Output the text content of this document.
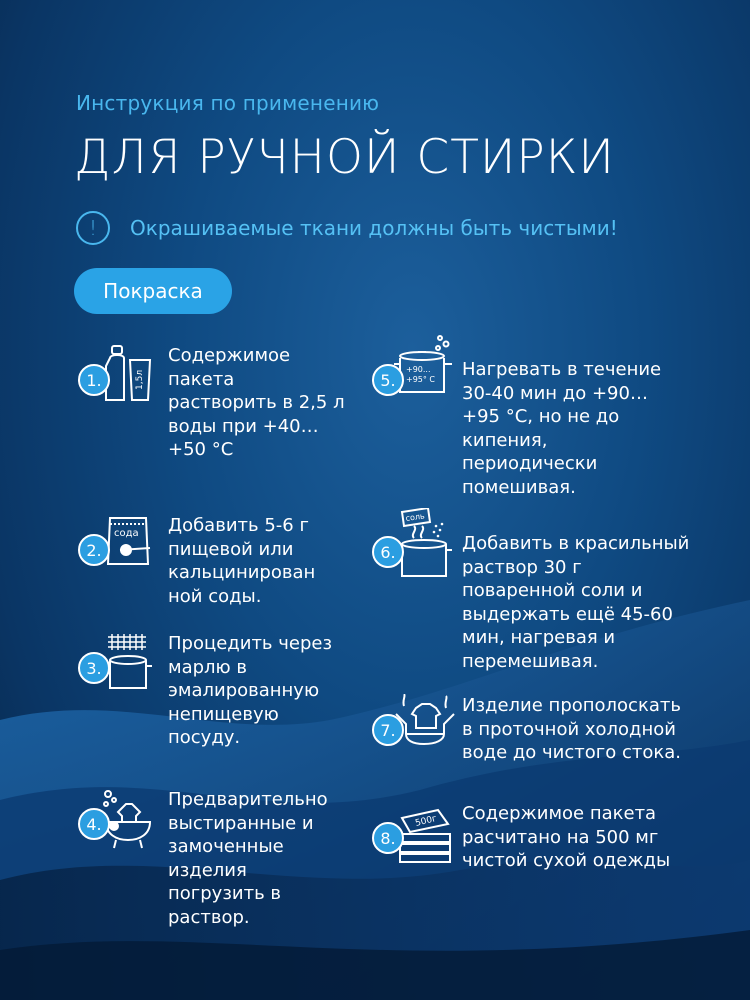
Инструкция по применению
ДЛЯ РУЧНОЙ СТИРКИ
!	Окрашиваемые ткани должны быть чистыми!
Покраска
1.	1,5л
Содержимое
пакета
растворить в 2,5 л
воды при +40…
+50 °С
2.
сода Добавить 5-6 г
пищевой или
кальцинирован
ной соды.
3.
Процедить через
марлю в
эмалированную
непищевую
посуду.
4.
Предварительно
выстиранные и
замоченные
изделия
погрузить в
раствор.
5.
+90...
+95° C Нагревать в течение
30-40 мин до +90…
+95 °С, но не до
кипения,
периодически
помешивая.
6.
соль
Добавить в красильный
раствор 30 г
поваренной соли и
выдержать ещё 45-60
мин, нагревая и
перемешивая.
7.
Изделие прополоскать
в проточной холодной
воде до чистого стока.
8.
500г Содержимое пакета
расчитано на 500 мг
чистой сухой одежды
